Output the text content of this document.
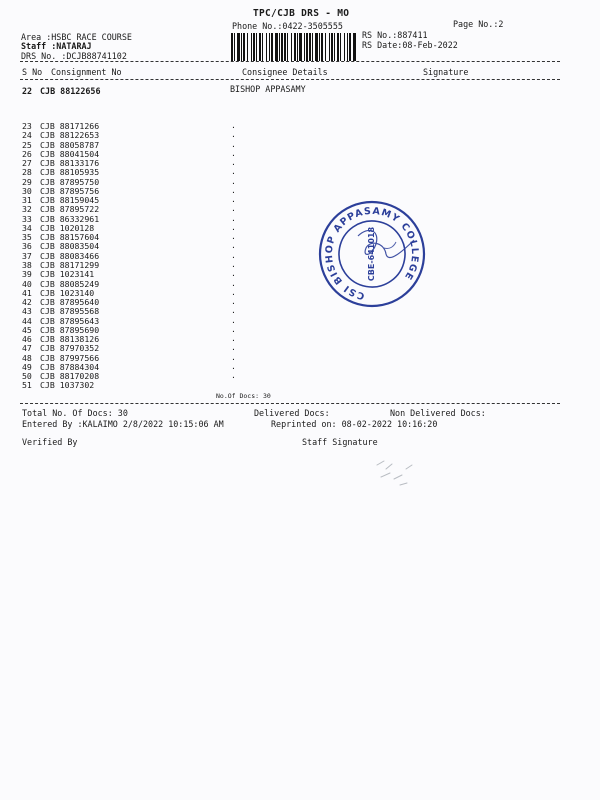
TPC/CJB DRS - MO
Phone No.:0422-3505555	Page No.:2
Area :HSBC RACE COURSE
Staff :NATARAJ
DRS No. :DCJB88741102
RS No.:887411
RS Date:08-Feb-2022
S No Consignment No	Consignee Details	Signature
22 CJB 88122656	BISHOP APPASAMY
23 CJB 88171266	.
24 CJB 88122653	.
25 CJB 88058787	.
26 CJB 88041504	.
27 CJB 88133176	.
28 CJB 88105935	.
29 CJB 87895750	.
30 CJB 87895756	.
31 CJB 88159045	.
32 CJB 87895722	.
33 CJB 86332961	.
34 CJB 1020128	.
35 CJB 88157604	.
36 CJB 88083504	.
37 CJB 88083466	.
38 CJB 88171299	.
39 CJB 1023141	.
40 CJB 88085249	.
41 CJB 1023140	.
42 CJB 87895640	.
43 CJB 87895568	.
44 CJB 87895643	.
45 CJB 87895690	.
46 CJB 88138126	.
47 CJB 87970352	.
48 CJB 87997566	.
49 CJB 87884304	.
50 CJB 88170208	.
51 CJB 1037302
No.Of Docs: 30
Total No. Of Docs: 30	Delivered Docs:	Non Delivered Docs:
Entered By :KALAIMO 2/8/2022 10:15:06 AM	Reprinted on: 08-02-2022 10:16:20
Verified By	Staff Signature
CSI BISHOP APPASAMY COLLEGE
CBE-641018
